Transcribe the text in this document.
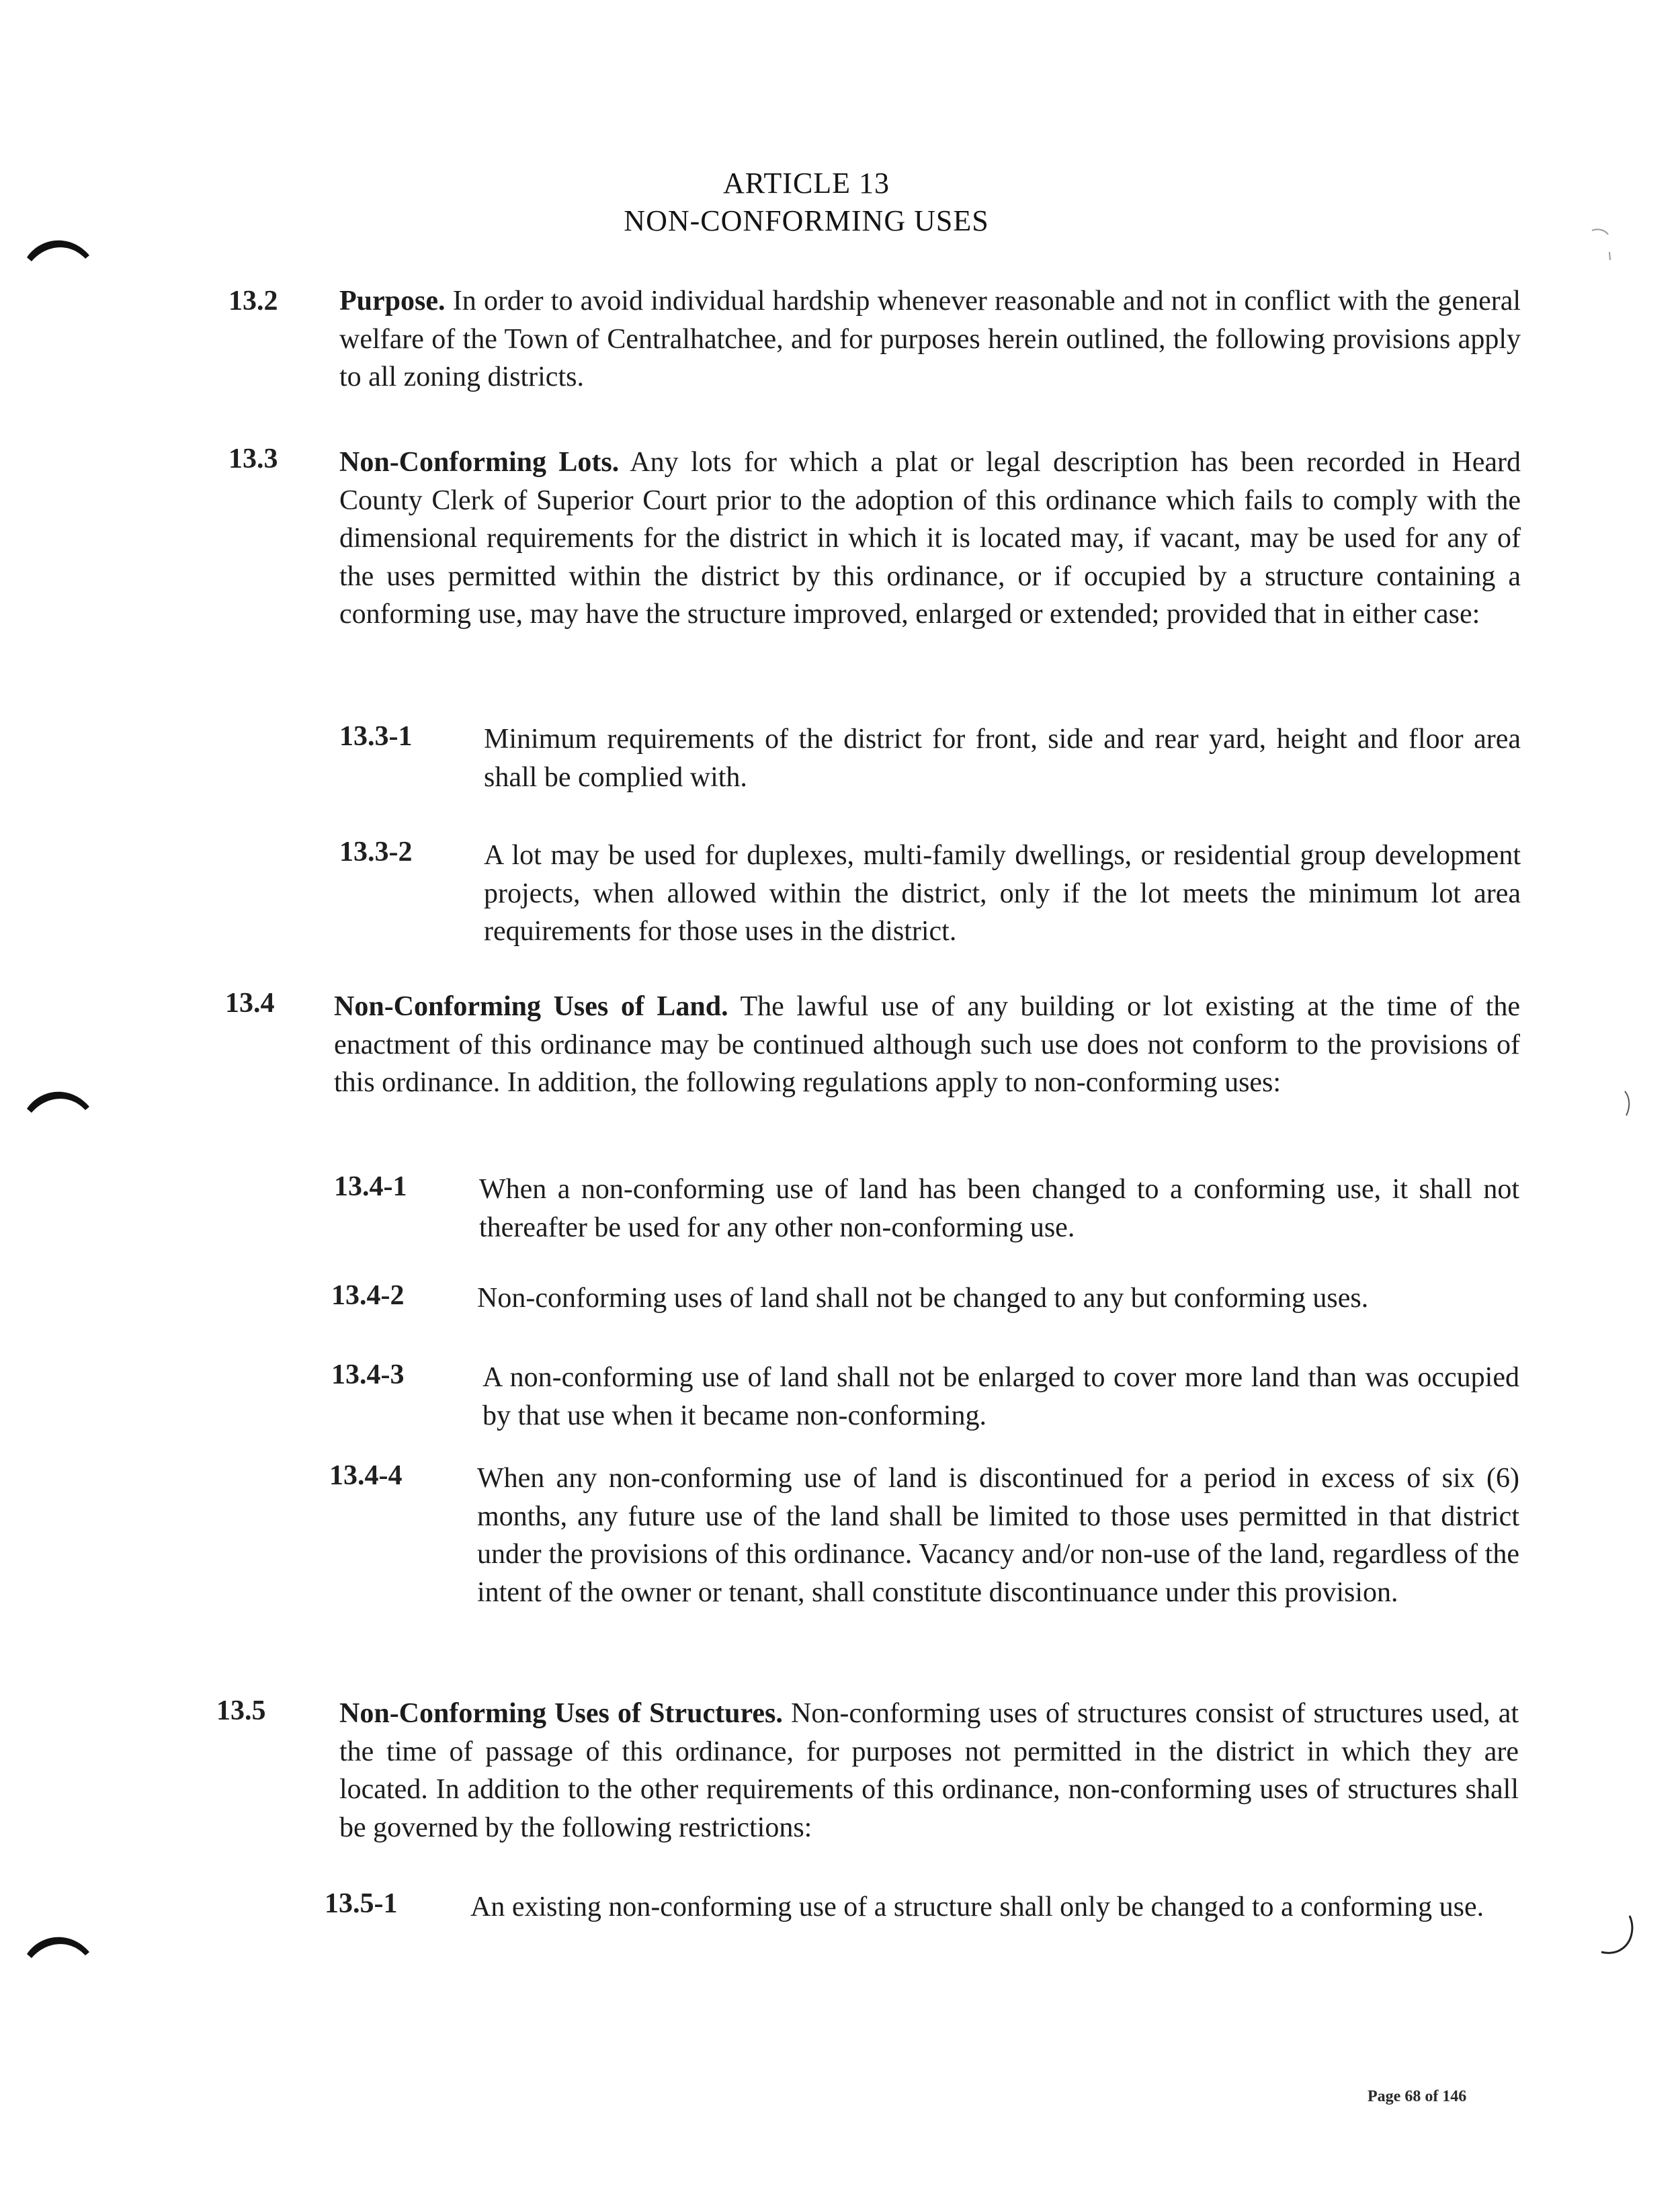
ARTICLE 13
NON-CONFORMING USES
13.2 Purpose. In order to avoid individual hardship whenever reasonable and not in conflict with the general welfare of the Town of Centralhatchee, and for purposes herein outlined, the following provisions apply to all zoning districts.
13.3 Non-Conforming Lots. Any lots for which a plat or legal description has been recorded in Heard County Clerk of Superior Court prior to the adoption of this ordinance which fails to comply with the dimensional requirements for the district in which it is located may, if vacant, may be used for any of the uses permitted within the district by this ordinance, or if occupied by a structure containing a conforming use, may have the structure improved, enlarged or extended; provided that in either case:
13.3-1	Minimum requirements of the district for front, side and rear yard, height and floor area shall be complied with.
13.3-2	A lot may be used for duplexes, multi-family dwellings, or residential group development projects, when allowed within the district, only if the lot meets the minimum lot area requirements for those uses in the district.
13.4 Non-Conforming Uses of Land. The lawful use of any building or lot existing at the time of the enactment of this ordinance may be continued although such use does not conform to the provisions of this ordinance. In addition, the following regulations apply to non-conforming uses:
13.4-1	When a non-conforming use of land has been changed to a conforming use, it shall not thereafter be used for any other non-conforming use.
13.4-2	Non-conforming uses of land shall not be changed to any but conforming uses.
13.4-3	A non-conforming use of land shall not be enlarged to cover more land than was occupied by that use when it became non-conforming.
13.4-4	When any non-conforming use of land is discontinued for a period in excess of six (6) months, any future use of the land shall be limited to those uses permitted in that district under the provisions of this ordinance. Vacancy and/or non-use of the land, regardless of the intent of the owner or tenant, shall constitute discontinuance under this provision.
13.5	Non-Conforming Uses of Structures. Non-conforming uses of structures consist of structures used, at the time of passage of this ordinance, for purposes not permitted in the district in which they are located. In addition to the other requirements of this ordinance, non-conforming uses of structures shall be governed by the following restrictions:
13.5-1	An existing non-conforming use of a structure shall only be changed to a conforming use.
Page 68 of 146
